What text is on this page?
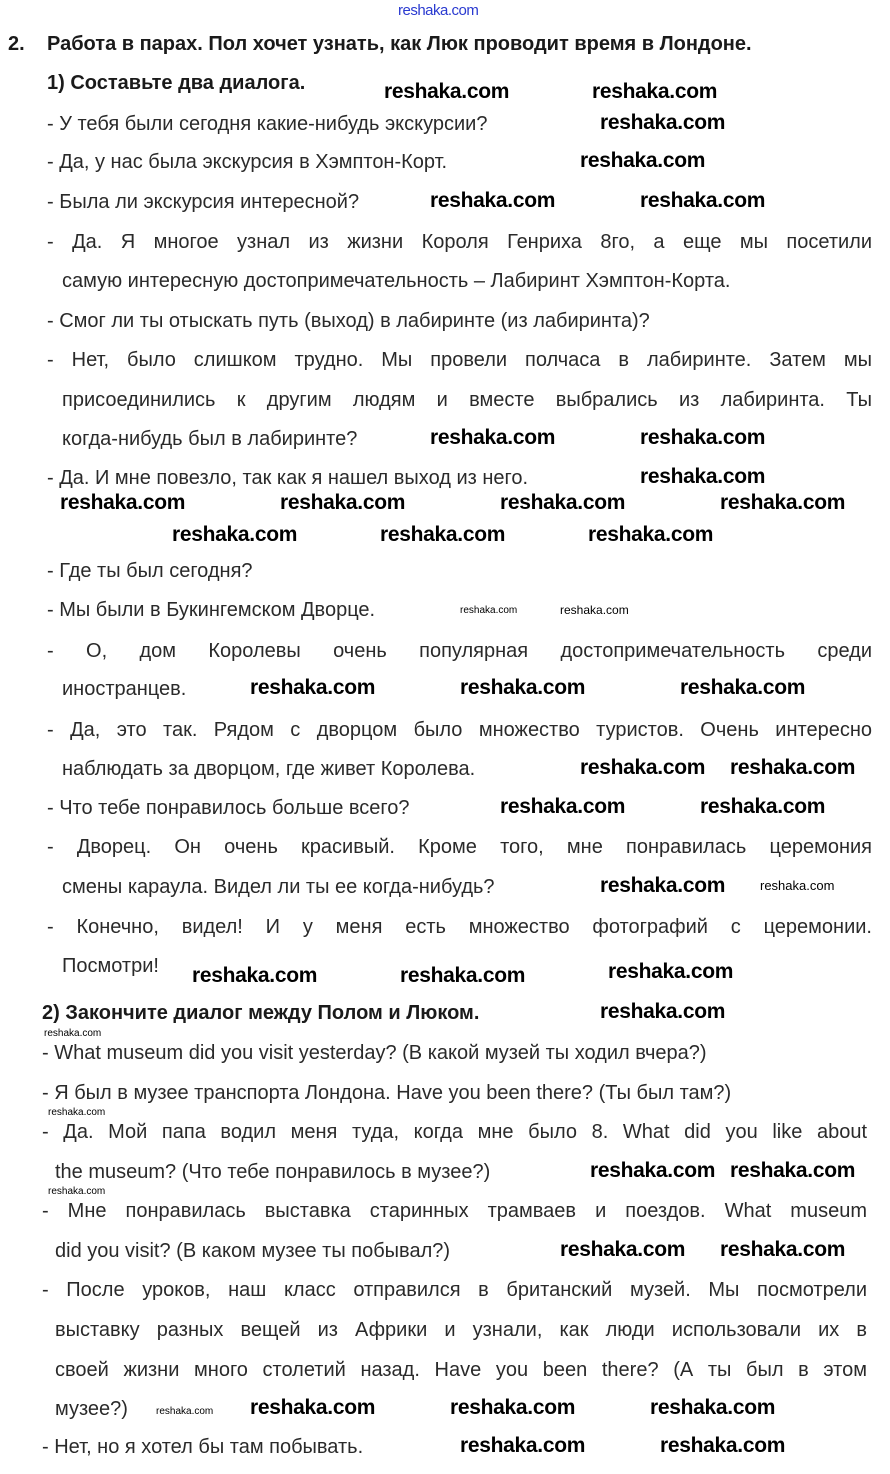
reshaka.com
2. Работа в парах. Пол хочет узнать, как Люк проводит время в Лондоне.
1) Составьте два диалога.
- У тебя были сегодня какие-нибудь экскурсии?
- Да, у нас была экскурсия в Хэмптон-Корт.
- Была ли экскурсия интересной?
- Да. Я многое узнал из жизни Короля Генриха 8го, а еще мы посетили
самую интересную достопримечательность – Лабиринт Хэмптон-Корта.
- Смог ли ты отыскать путь (выход) в лабиринте (из лабиринта)?
- Нет, было слишком трудно. Мы провели полчаса в лабиринте. Затем мы
присоединились к другим людям и вместе выбрались из лабиринта. Ты
когда-нибудь был в лабиринте?
- Да. И мне повезло, так как я нашел выход из него.
- Где ты был сегодня?
- Мы были в Букингемском Дворце.
- О, дом Королевы очень популярная достопримечательность среди
иностранцев.
- Да, это так. Рядом с дворцом было множество туристов. Очень интересно
наблюдать за дворцом, где живет Королева.
- Что тебе понравилось больше всего?
- Дворец. Он очень красивый. Кроме того, мне понравилась церемония
смены караула. Видел ли ты ее когда-нибудь?
- Конечно, видел! И у меня есть множество фотографий с церемонии.
Посмотри!
2) Закончите диалог между Полом и Люком.
- What museum did you visit yesterday? (В какой музей ты ходил вчера?)
- Я был в музее транспорта Лондона. Have you been there? (Ты был там?)
- Да. Мой папа водил меня туда, когда мне было 8. What did you like about
the museum? (Что тебе понравилось в музее?)
- Мне понравилась выставка старинных трамваев и поездов. What museum
did you visit? (В каком музее ты побывал?)
- После уроков, наш класс отправился в британский музей. Мы посмотрели
выставку разных вещей из Африки и узнали, как люди использовали их в
своей жизни много столетий назад. Have you been there? (А ты был в этом
музее?)
- Нет, но я хотел бы там побывать.
reshaka.com	reshaka.com
reshaka.com
reshaka.com
reshaka.com	reshaka.com
reshaka.com	reshaka.com
reshaka.com
reshaka.com	reshaka.com	reshaka.com	reshaka.com
reshaka.com	reshaka.com	reshaka.com
reshaka.com	reshaka.com
reshaka.com	reshaka.com	reshaka.com
reshaka.com reshaka.com
reshaka.com	reshaka.com
reshaka.com	reshaka.com
reshaka.com	reshaka.com	reshaka.com
reshaka.com
reshaka.com
reshaka.com
reshaka.com reshaka.com
reshaka.com
reshaka.com reshaka.com
reshaka.com reshaka.com	reshaka.com	reshaka.com
reshaka.com	reshaka.com
